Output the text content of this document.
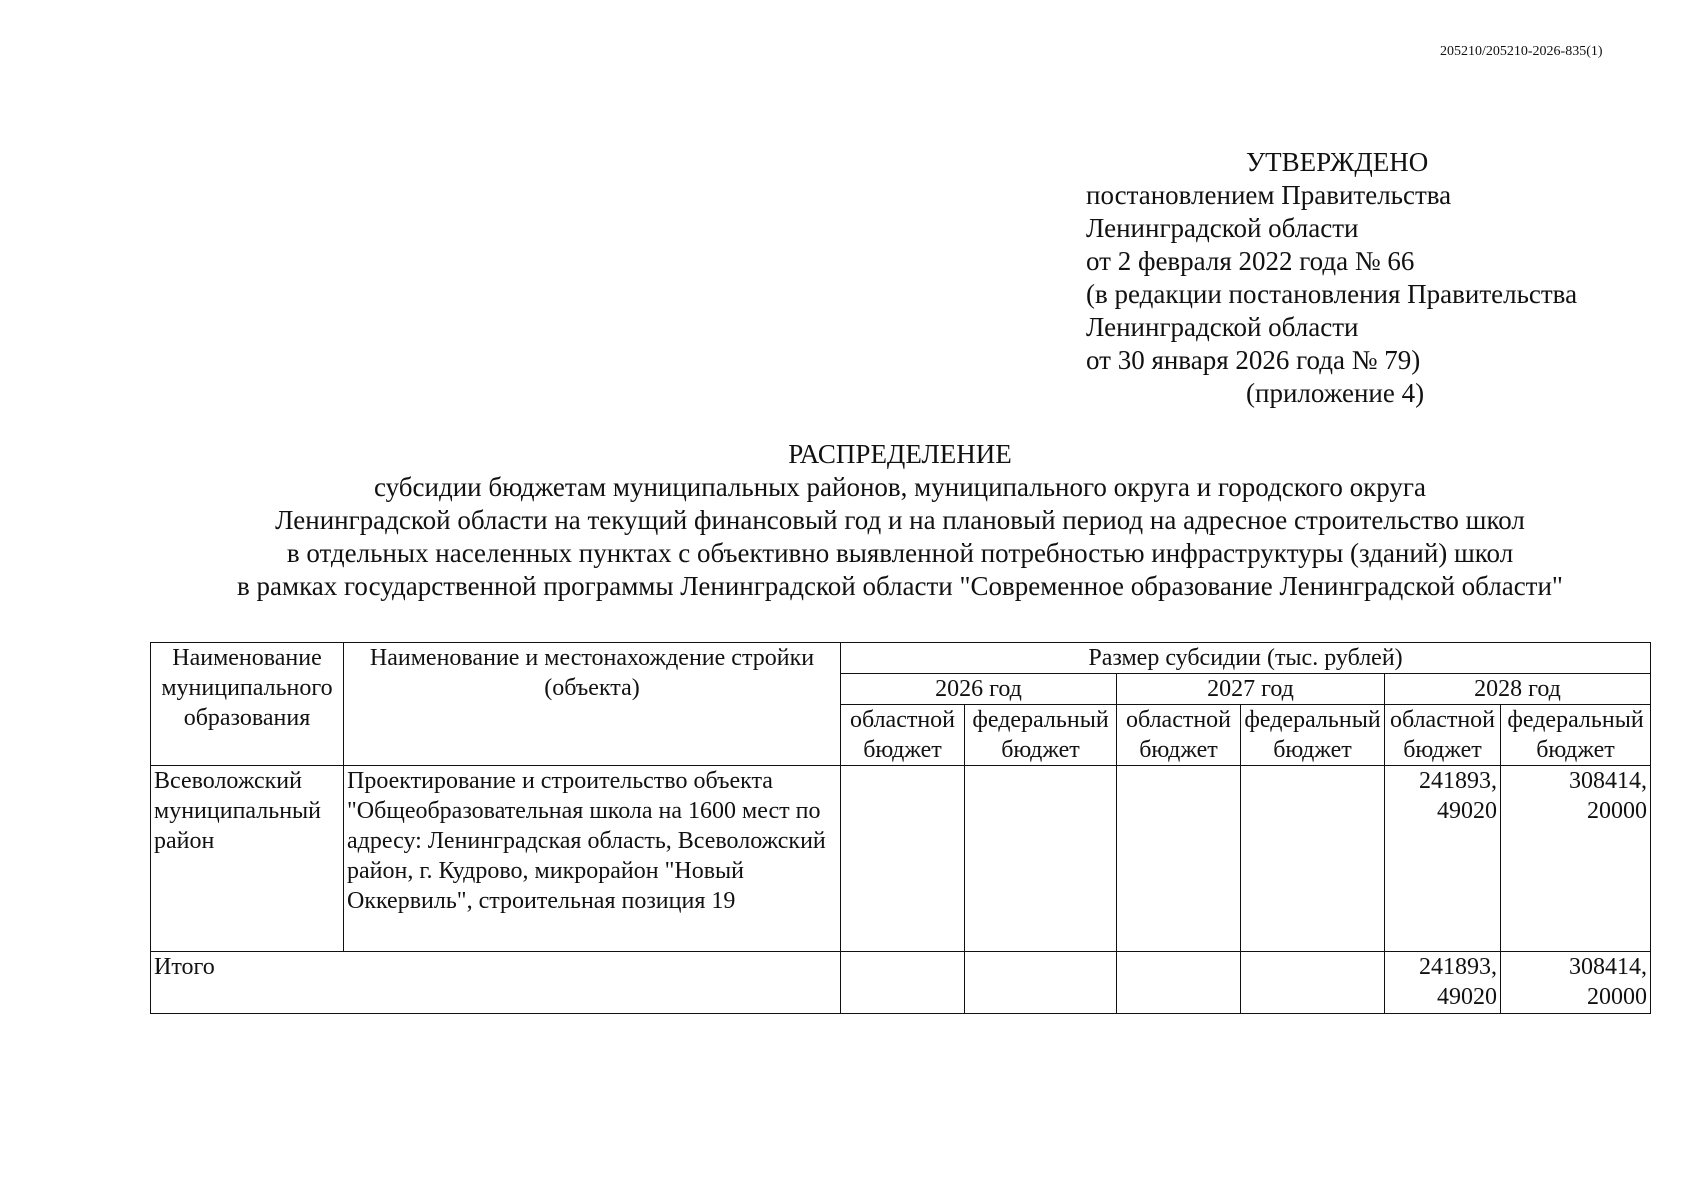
205210/205210-2026-835(1)
УТВЕРЖДЕНО
постановлением Правительства
Ленинградской области
от 2 февраля 2022 года № 66
(в редакции постановления Правительства
Ленинградской области
от 30 января 2026 года № 79)
(приложение 4)
РАСПРЕДЕЛЕНИЕ
субсидии бюджетам муниципальных районов, муниципального округа и городского округа
Ленинградской области на текущий финансовый год и на плановый период на адресное строительство школ
в отдельных населенных пунктах с объективно выявленной потребностью инфраструктуры (зданий) школ
в рамках государственной программы Ленинградской области "Современное образование Ленинградской области"
Наименование муниципального образования	Наименование и местонахождение стройки (объекта)	Размер субсидии (тыс. рублей)					
		2026 год		2027 год		2028 год	
		областной бюджет	федеральный бюджет	областной бюджет	федеральный бюджет	областной бюджет	федеральный бюджет
Всеволожский муниципальный район	Проектирование и строительство объекта "Общеобразовательная школа на 1600 мест по адресу: Ленинградская область, Всеволожский район, г. Кудрово, микрорайон "Новый Оккервиль", строительная позиция 19					241893, 49020	308414, 20000
Итого						241893, 49020	308414, 20000
